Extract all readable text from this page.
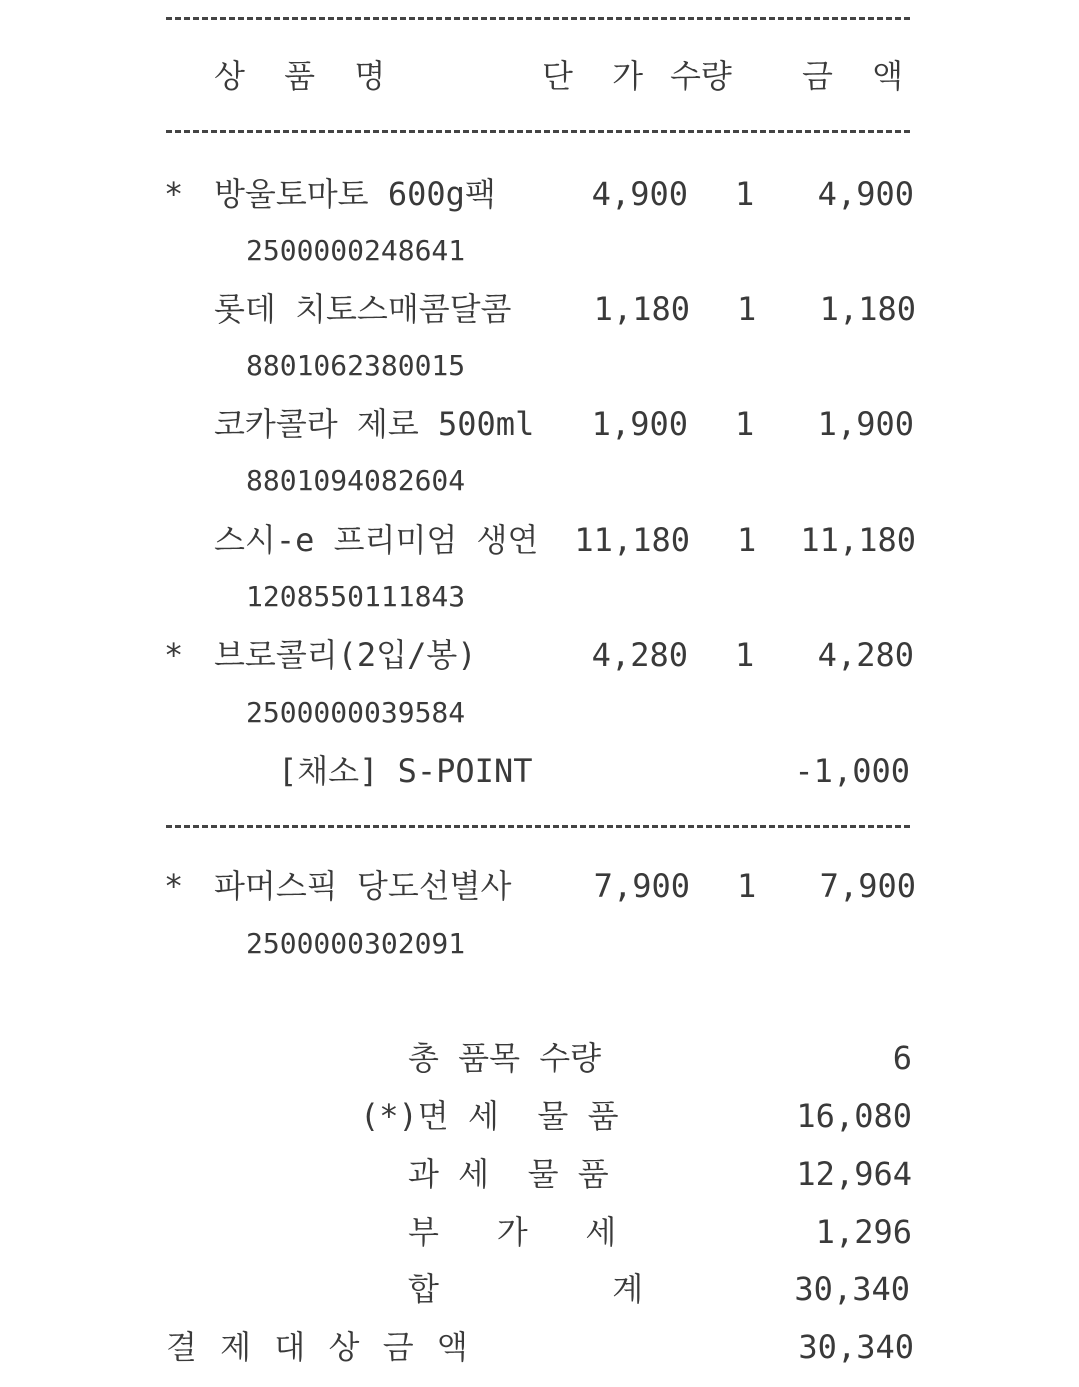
상 품 명	단 가 수량 금 액
* 방울토마토 600g팩	4,900 1	4,900
2500000248641
롯데 치토스매콤달콤	1,180 1	1,180
8801062380015
코카콜라 제로 500ml	1,900 1	1,900
8801094082604
스시-e 프리미엄 생연	11,180 1	11,180
1208550111843
* 브로콜리(2입/봉)	4,280 1	4,280
2500000039584
[채소] S-POINT	-1,000
* 파머스픽 당도선별사	7,900 1	7,900
2500000302091
총 품목 수량	6
(*)면 세  물 품	16,080
과 세  물 품	12,964
부   가   세	1,296
합         계	30,340
결 제 대 상 금 액	30,340
